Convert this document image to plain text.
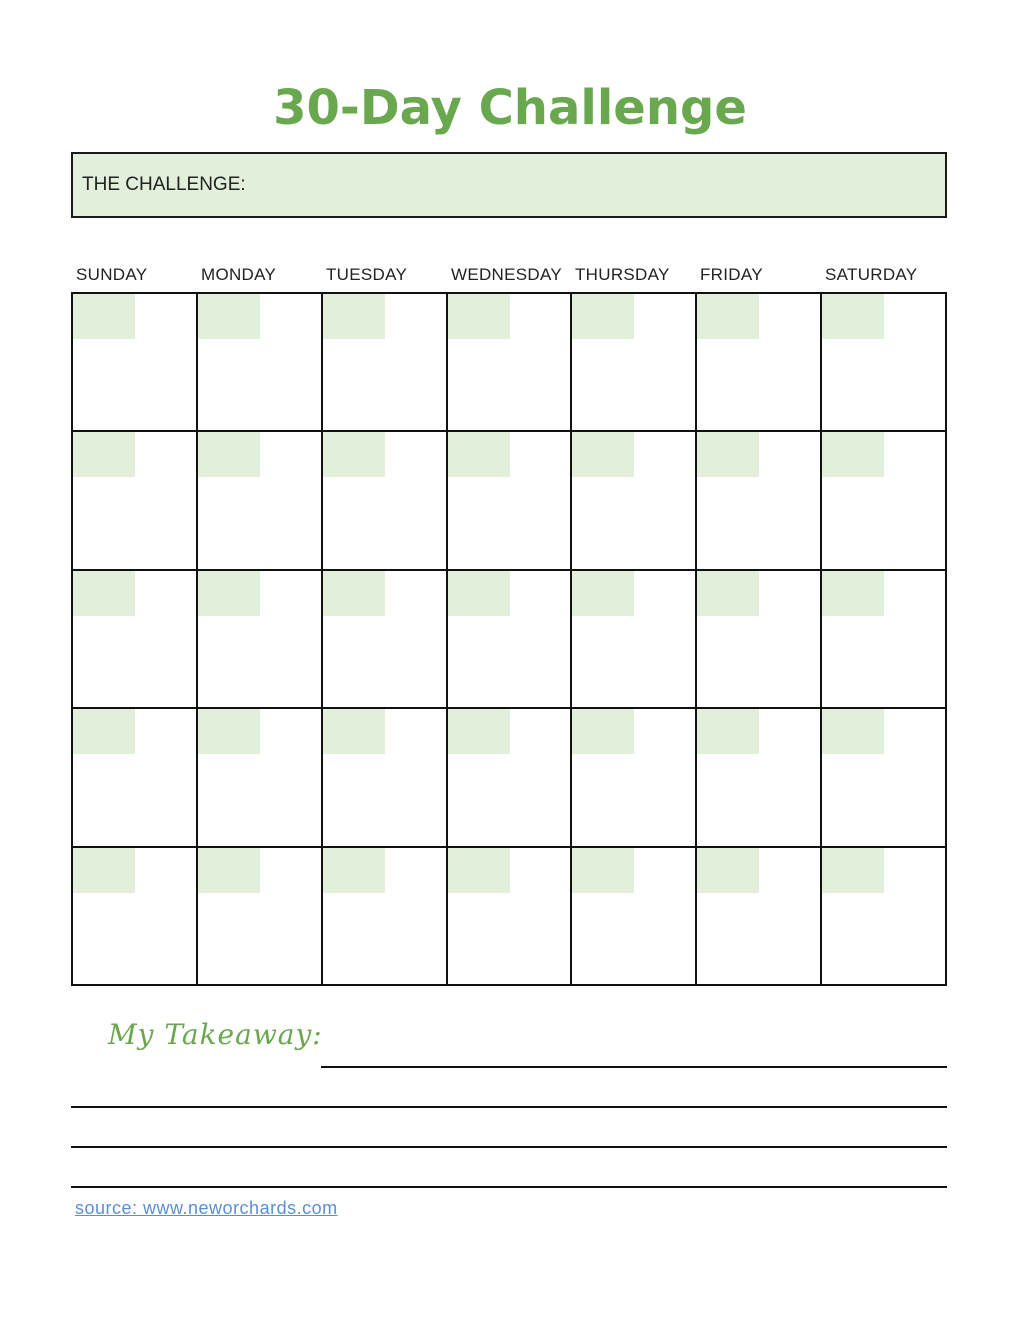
30-Day Challenge
THE CHALLENGE:
SUNDAY	MONDAY	TUESDAY	WEDNESDAY THURSDAY FRIDAY	SATURDAY
My Takeaway:
source: www.neworchards.com
